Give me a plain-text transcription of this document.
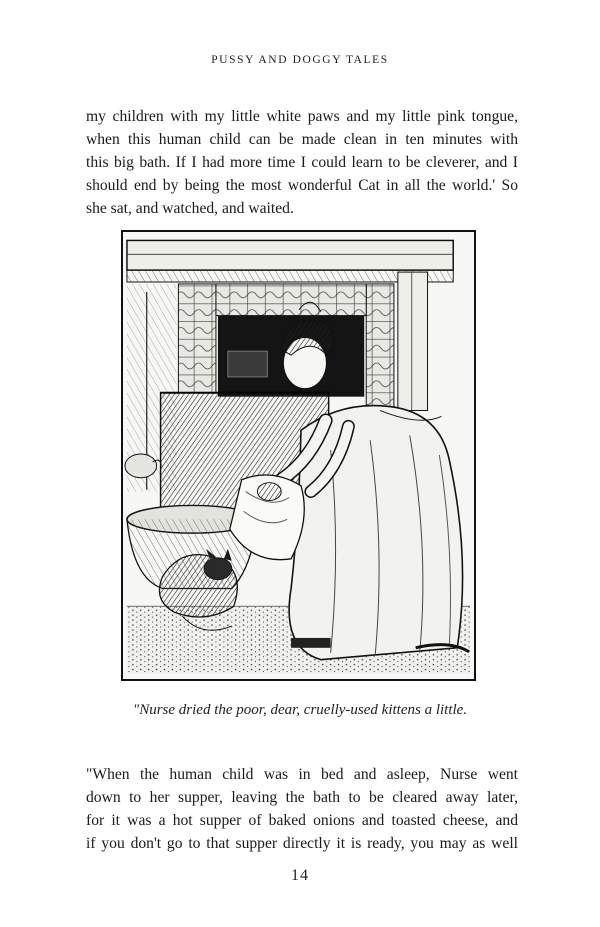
PUSSY AND DOGGY TALES

my children with my little white paws and my little pink tongue,
when this human child can be made clean in ten minutes with
this big bath. If I had more time I could learn to be cleverer, and I
should end by being the most wonderful Cat in all the world.' So
she sat, and watched, and waited.

"Nurse dried the poor, dear, cruelly-used kittens a little.

"When the human child was in bed and asleep, Nurse went
down to her supper, leaving the bath to be cleared away later,
for it was a hot supper of baked onions and toasted cheese, and
if you don't go to that supper directly it is ready, you may as well

14
